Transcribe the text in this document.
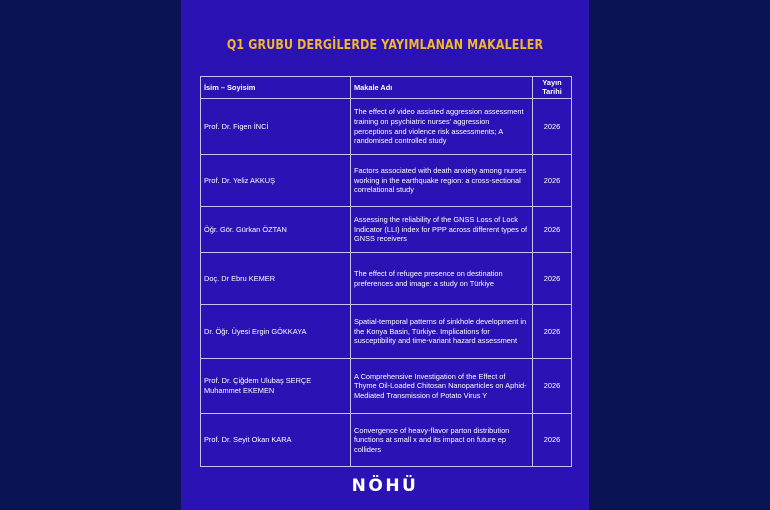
Q1 GRUBU DERGİLERDE YAYIMLANAN MAKALELER
İsim – Soyisim	Makale Adı	Yayın Tarihi
Prof. Dr. Figen İNCİ	The effect of video assisted aggression assessment training on psychiatric nurses' aggression perceptions and violence risk assessments; A randomised controlled study	2026
Prof. Dr. Yeliz AKKUŞ	Factors associated with death anxiety among nurses working in the earthquake region: a cross-sectional correlational study	2026
Öğr. Gör. Gürkan ÖZTAN	Assessing the reliability of the GNSS Loss of Lock Indicator (LLI) index for PPP across different types of GNSS receivers	2026
Doç. Dr Ebru KEMER	The effect of refugee presence on destination preferences and image: a study on Türkiye	2026
Dr. Öğr. Üyesi Ergin GÖKKAYA	Spatial-temporal patterns of sinkhole development in the Konya Basin, Türkiye. Implications for susceptibility and time-variant hazard assessment	2026
Prof. Dr. Çiğdem Ulubaş SERÇE Muhammet EKEMEN	A Comprehensive Investigation of the Effect of Thyme Oil-Loaded Chitosan Nanoparticles on Aphid-Mediated Transmission of Potato Virus Y	2026
Prof. Dr. Seyit Okan KARA	Convergence of heavy-flavor parton distribution functions at small x and its impact on future ep colliders	2026
NÖHÜ
